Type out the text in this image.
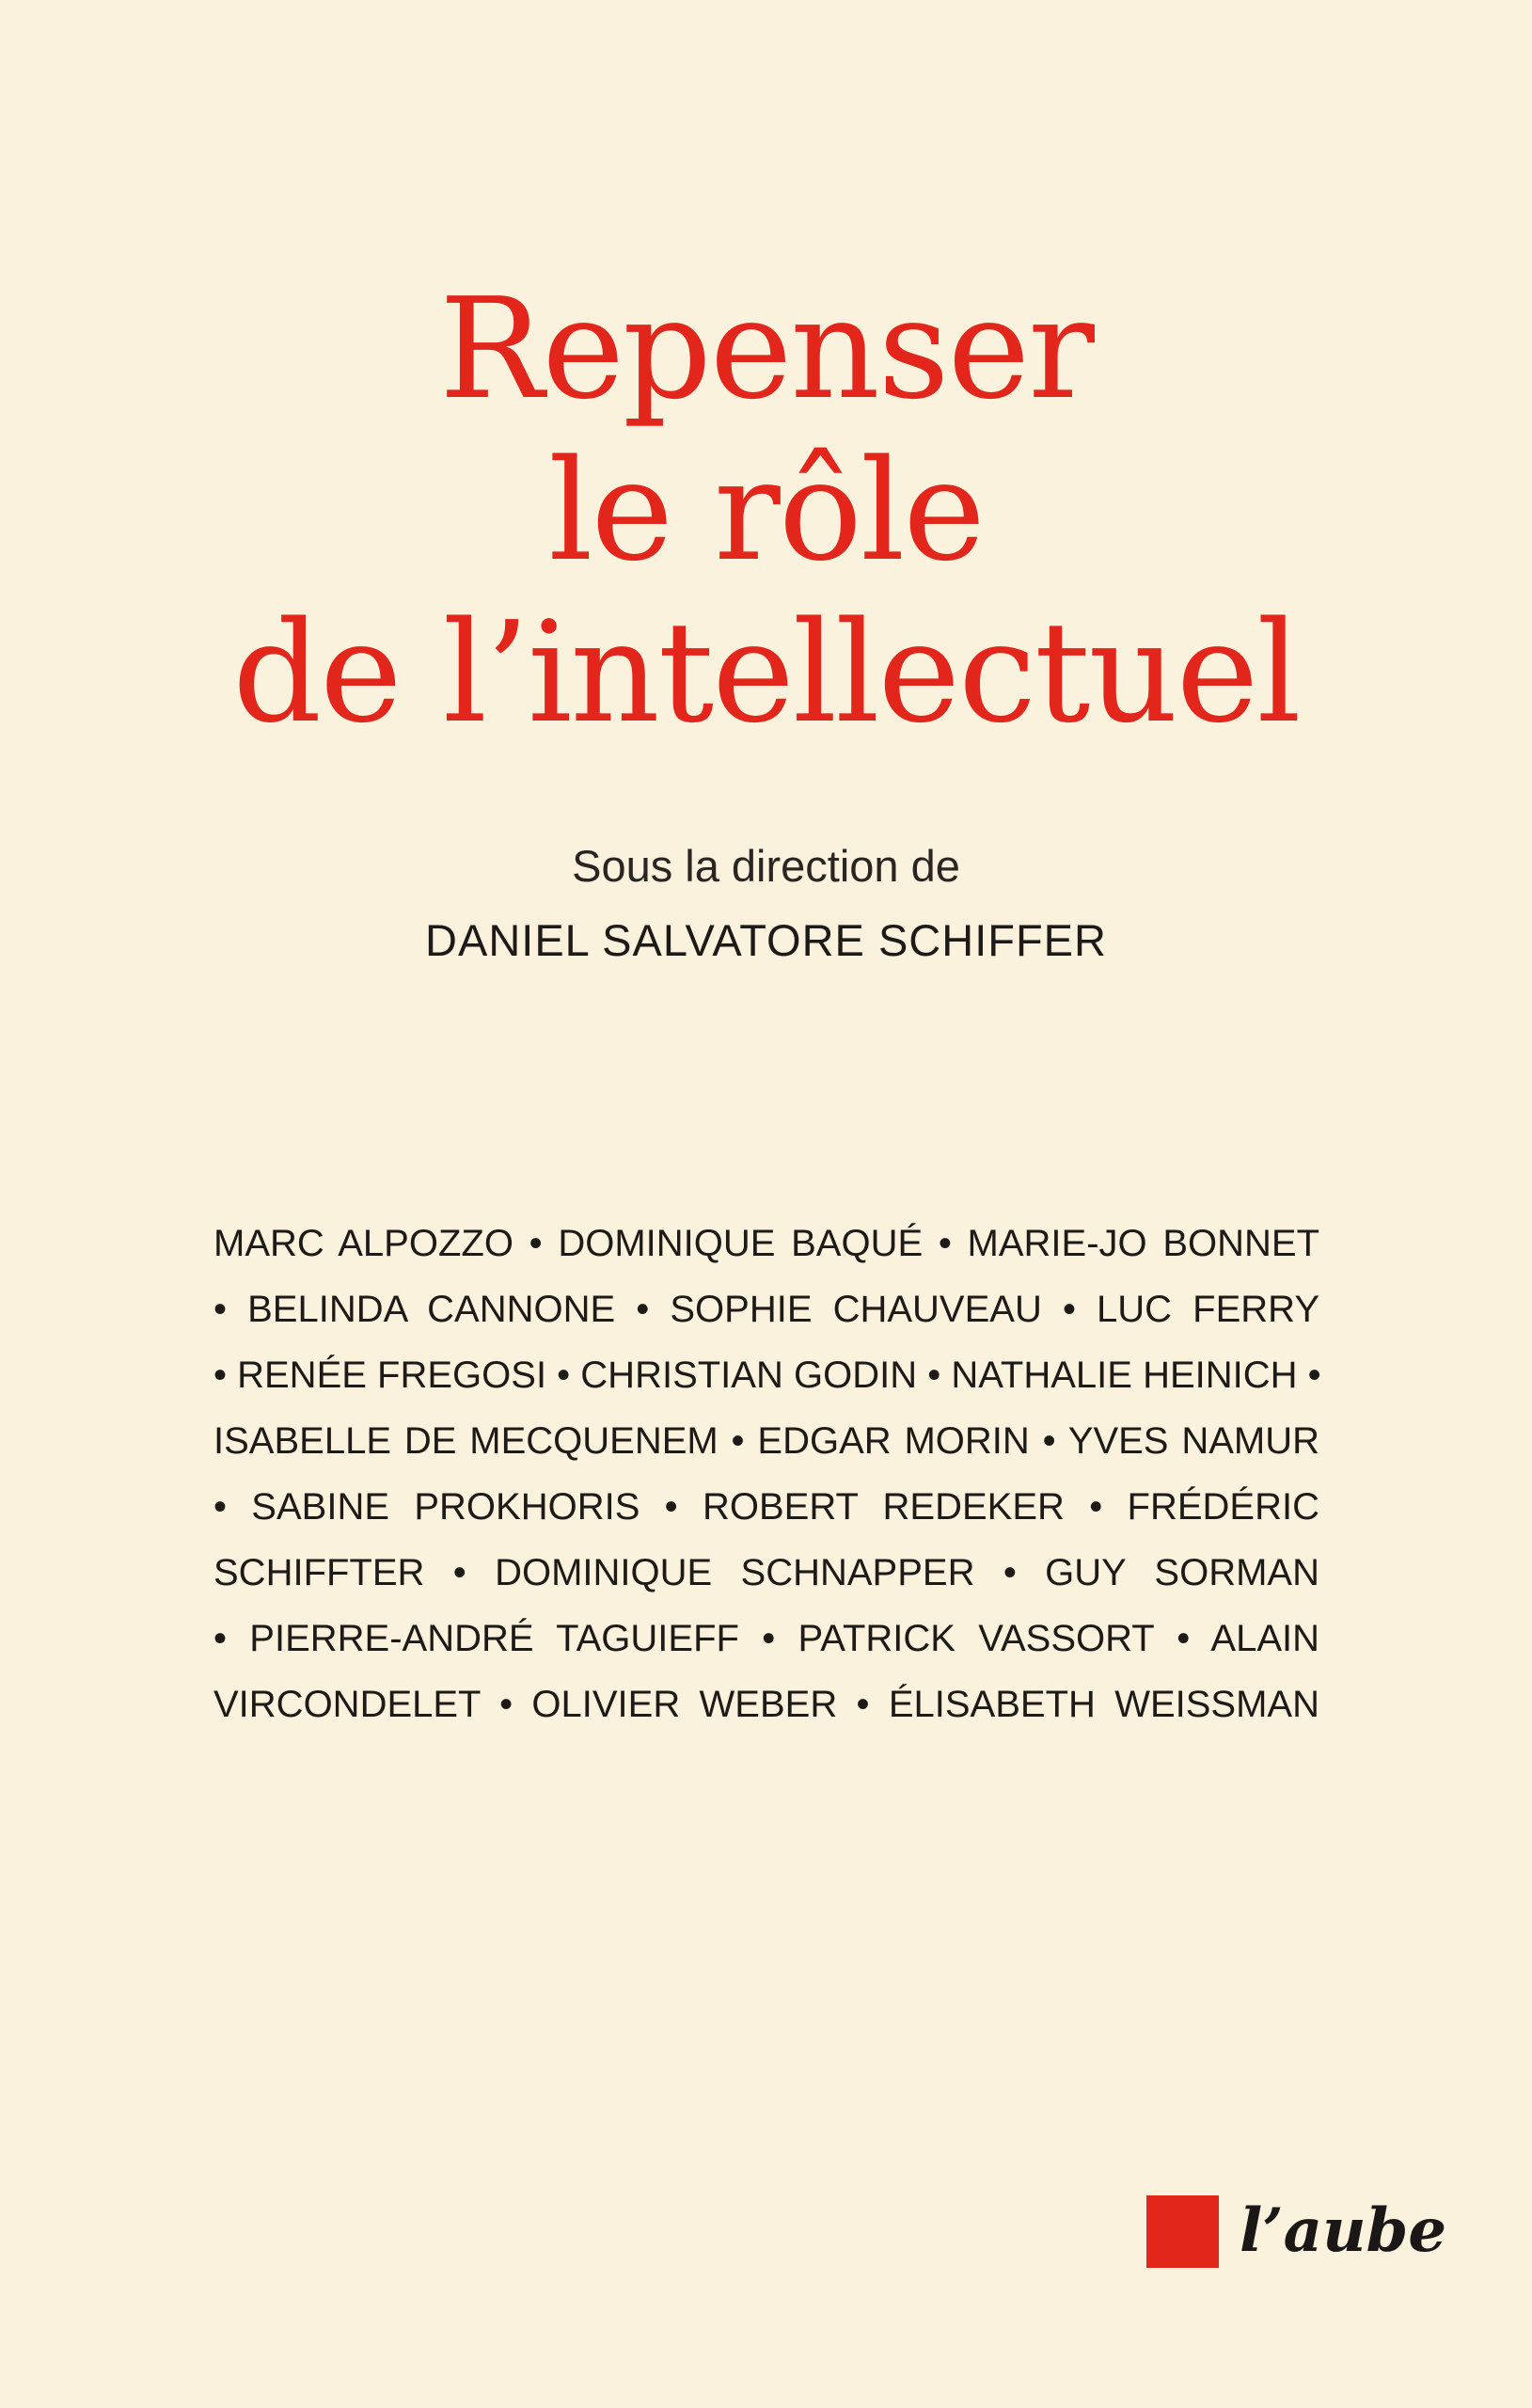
Repenser
le rôle
de l’intellectuel
Sous la direction de
DANIEL SALVATORE SCHIFFER
MARC ALPOZZO • DOMINIQUE BAQUÉ • MARIE-JO BONNET
• BELINDA CANNONE • SOPHIE CHAUVEAU • LUC FERRY
• RENÉE FREGOSI • CHRISTIAN GODIN • NATHALIE HEINICH •
ISABELLE DE MECQUENEM • EDGAR MORIN • YVES NAMUR
• SABINE PROKHORIS • ROBERT REDEKER • FRÉDÉRIC
SCHIFFTER • DOMINIQUE SCHNAPPER • GUY SORMAN
• PIERRE-ANDRÉ TAGUIEFF • PATRICK VASSORT • ALAIN
VIRCONDELET • OLIVIER WEBER • ÉLISABETH WEISSMAN
l’aube
